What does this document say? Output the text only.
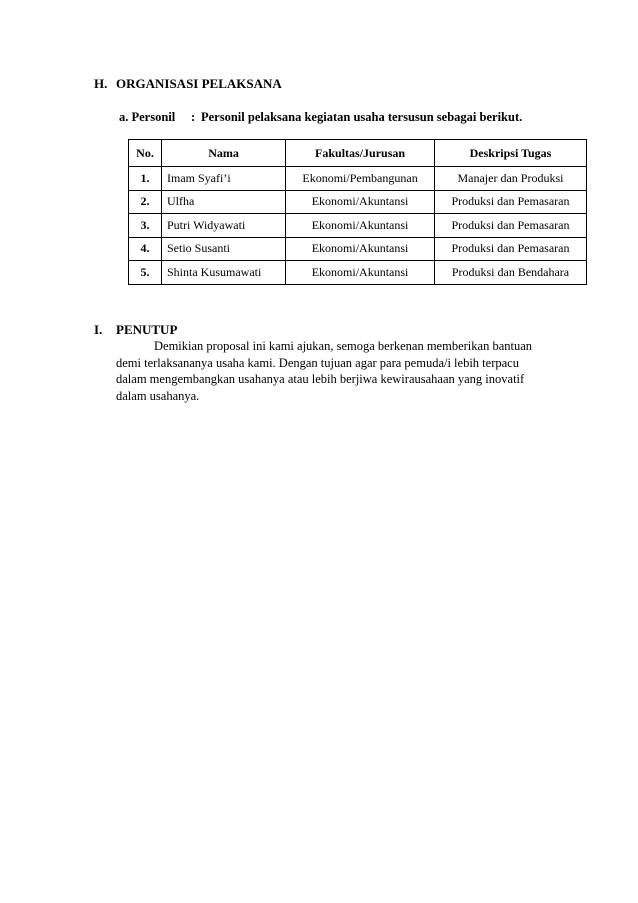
H. ORGANISASI PELAKSANA
a. Personil : Personil pelaksana kegiatan usaha tersusun sebagai berikut.
No.	Nama	Fakultas/Jurusan	Deskripsi Tugas
1.	Imam Syafi’i	Ekonomi/Pembangunan	Manajer dan Produksi
2.	Ulfha	Ekonomi/Akuntansi	Produksi dan Pemasaran
3.	Putri Widyawati	Ekonomi/Akuntansi	Produksi dan Pemasaran
4.	Setio Susanti	Ekonomi/Akuntansi	Produksi dan Pemasaran
5.	Shinta Kusumawati	Ekonomi/Akuntansi	Produksi dan Bendahara
I. PENUTUP
Demikian proposal ini kami ajukan, semoga berkenan memberikan bantuan
demi terlaksananya usaha kami. Dengan tujuan agar para pemuda/i lebih terpacu
dalam mengembangkan usahanya atau lebih berjiwa kewirausahaan yang inovatif
dalam usahanya.
